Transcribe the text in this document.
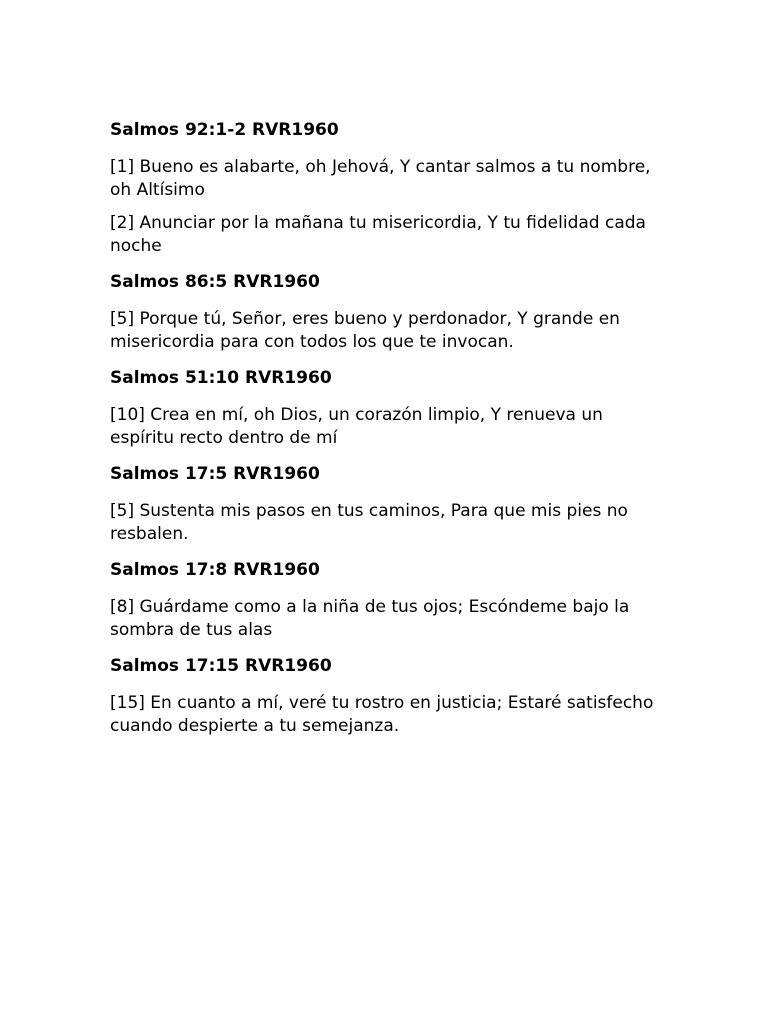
Salmos 92:1-2 RVR1960
[1] Bueno es alabarte, oh Jehová, Y cantar salmos a tu nombre, oh Altísimo
[2] Anunciar por la mañana tu misericordia, Y tu fidelidad cada noche
Salmos 86:5 RVR1960
[5] Porque tú, Señor, eres bueno y perdonador, Y grande en misericordia para con todos los que te invocan.
Salmos 51:10 RVR1960
[10] Crea en mí, oh Dios, un corazón limpio, Y renueva un espíritu recto dentro de mí
Salmos 17:5 RVR1960
[5] Sustenta mis pasos en tus caminos, Para que mis pies no resbalen.
Salmos 17:8 RVR1960
[8] Guárdame como a la niña de tus ojos; Escóndeme bajo la sombra de tus alas
Salmos 17:15 RVR1960
[15] En cuanto a mí, veré tu rostro en justicia; Estaré satisfecho cuando despierte a tu semejanza.
